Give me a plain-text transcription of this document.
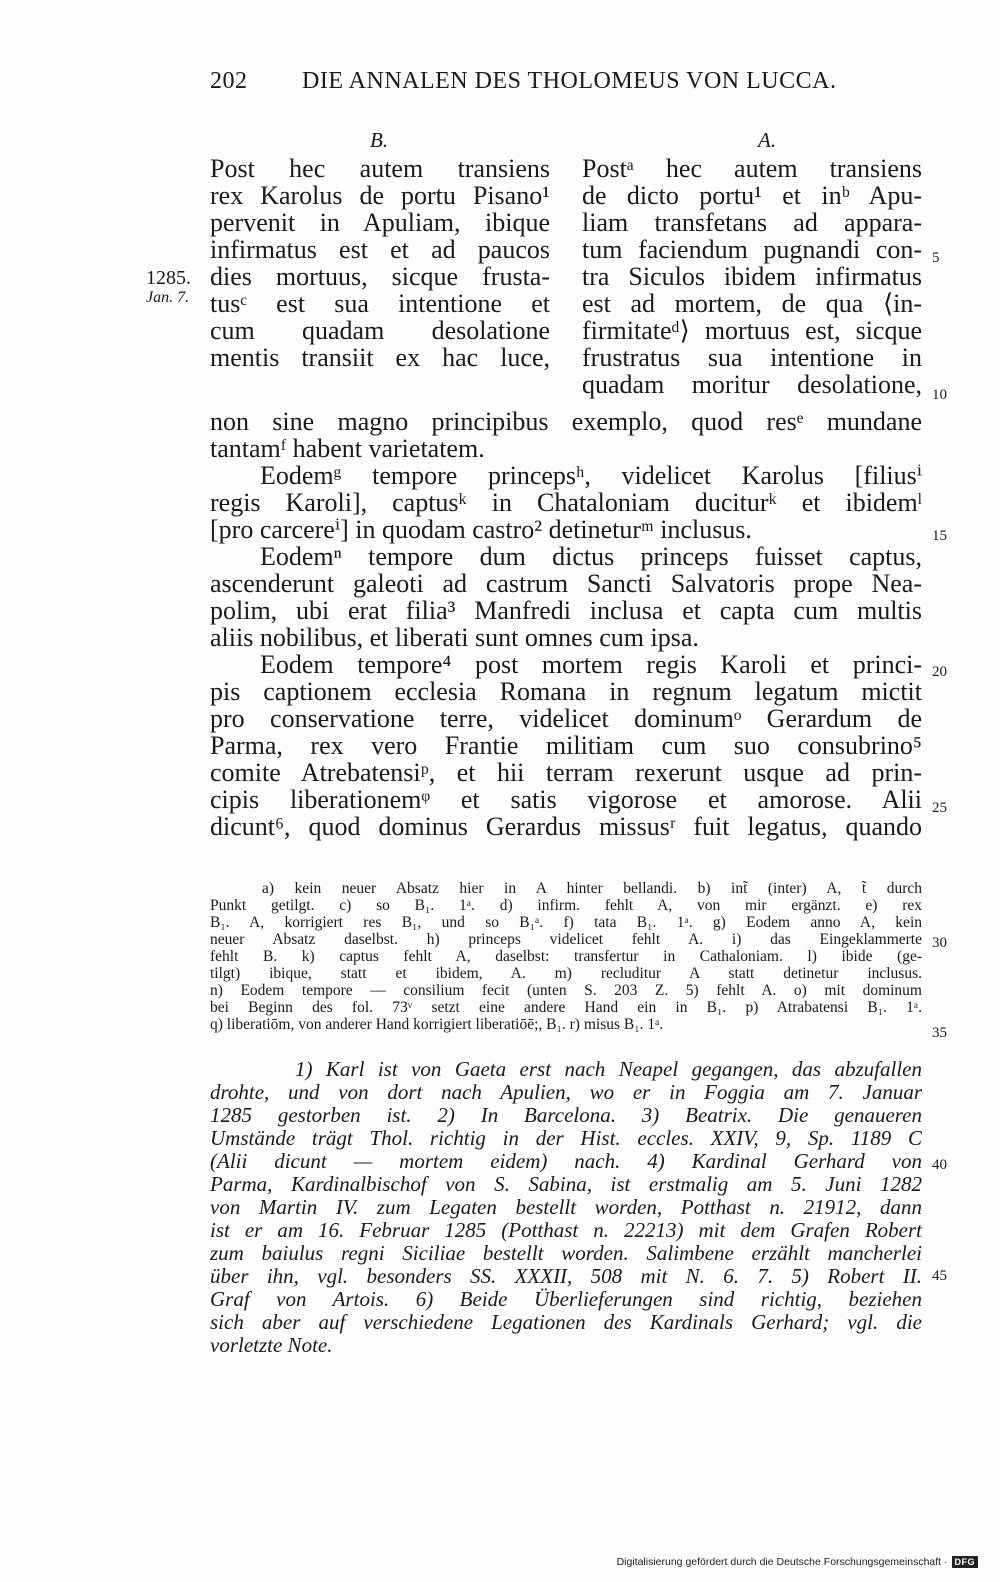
202 DIE ANNALEN DES THOLOMEUS VON LUCCA.
B.	A.
Post hec autem transiens
rex Karolus de portu Pisano¹
pervenit in Apuliam, ibique
infirmatus est et ad paucos
dies mortuus, sicque frusta-
tusᶜ est sua intentione et
cum quadam desolatione
mentis transiit ex hac luce,
Postᵃ hec autem transiens
de dicto portu¹ et inᵇ Apu-
liam transfetans ad appara-
tum faciendum pugnandi con-
tra Siculos ibidem infirmatus
est ad mortem, de qua ⟨in-
firmitateᵈ⟩ mortuus est, sicque
frustratus sua intentione in
quadam moritur desolatione,
1285.
Jan. 7.
non sine magno principibus exemplo, quod resᵉ mundane
tantamᶠ habent varietatem.
Eodemᵍ tempore princepsʰ, videlicet Karolus [filiusⁱ
regis Karoli], captusᵏ in Chataloniam duciturᵏ et ibidemˡ
[pro carcereⁱ] in quodam castro² detineturᵐ inclusus.
Eodemⁿ tempore dum dictus princeps fuisset captus,
ascenderunt galeoti ad castrum Sancti Salvatoris prope Nea-
polim, ubi erat filia³ Manfredi inclusa et capta cum multis
aliis nobilibus, et liberati sunt omnes cum ipsa.
Eodem tempore⁴ post mortem regis Karoli et princi-
pis captionem ecclesia Romana in regnum legatum mictit
pro conservatione terre, videlicet dominumᵒ Gerardum de
Parma, rex vero Frantie militiam cum suo consubrino⁵
comite Atrebatensiᵖ, et hii terram rexerunt usque ad prin-
cipis liberationemᵠ et satis vigorose et amorose. Alii
dicunt⁶, quod dominus Gerardus missusʳ fuit legatus, quando
5
10
15
20
25
30
35
40
45
a) kein neuer Absatz hier in A hinter bellandi. b) int̃ (inter) A, t̃ durch
Punkt getilgt. c) so B₁. 1ᵃ. d) infirm. fehlt A, von mir ergänzt. e) rex
B₁. A, korrigiert res B₁, und so B₁ᵃ. f) tata B₁. 1ᵃ. g) Eodem anno A, kein
neuer Absatz daselbst. h) princeps videlicet fehlt A. i) das Eingeklammerte
fehlt B. k) captus fehlt A, daselbst: transfertur in Cathaloniam. l) ibide (ge-
tilgt) ibique, statt et ibidem, A. m) recluditur A statt detinetur inclusus.
n) Eodem tempore — consilium fecit (unten S. 203 Z. 5) fehlt A. o) mit dominum
bei Beginn des fol. 73ᵛ setzt eine andere Hand ein in B₁. p) Atrabatensi B₁. 1ᵃ.
q) liberatiōm, von anderer Hand korrigiert liberatiōē;, B₁. r) misus B₁. 1ᵃ.
1) Karl ist von Gaeta erst nach Neapel gegangen, das abzufallen
drohte, und von dort nach Apulien, wo er in Foggia am 7. Januar
1285 gestorben ist. 2) In Barcelona. 3) Beatrix. Die genaueren
Umstände trägt Thol. richtig in der Hist. eccles. XXIV, 9, Sp. 1189 C
(Alii dicunt — mortem eidem) nach. 4) Kardinal Gerhard von
Parma, Kardinalbischof von S. Sabina, ist erstmalig am 5. Juni 1282
von Martin IV. zum Legaten bestellt worden, Potthast n. 21912, dann
ist er am 16. Februar 1285 (Potthast n. 22213) mit dem Grafen Robert
zum baiulus regni Siciliae bestellt worden. Salimbene erzählt mancherlei
über ihn, vgl. besonders SS. XXXII, 508 mit N. 6. 7. 5) Robert II.
Graf von Artois. 6) Beide Überlieferungen sind richtig, beziehen
sich aber auf verschiedene Legationen des Kardinals Gerhard; vgl. die
vorletzte Note.
Digitalisierung gefördert durch die Deutsche Forschungsgemeinschaft · DFG
